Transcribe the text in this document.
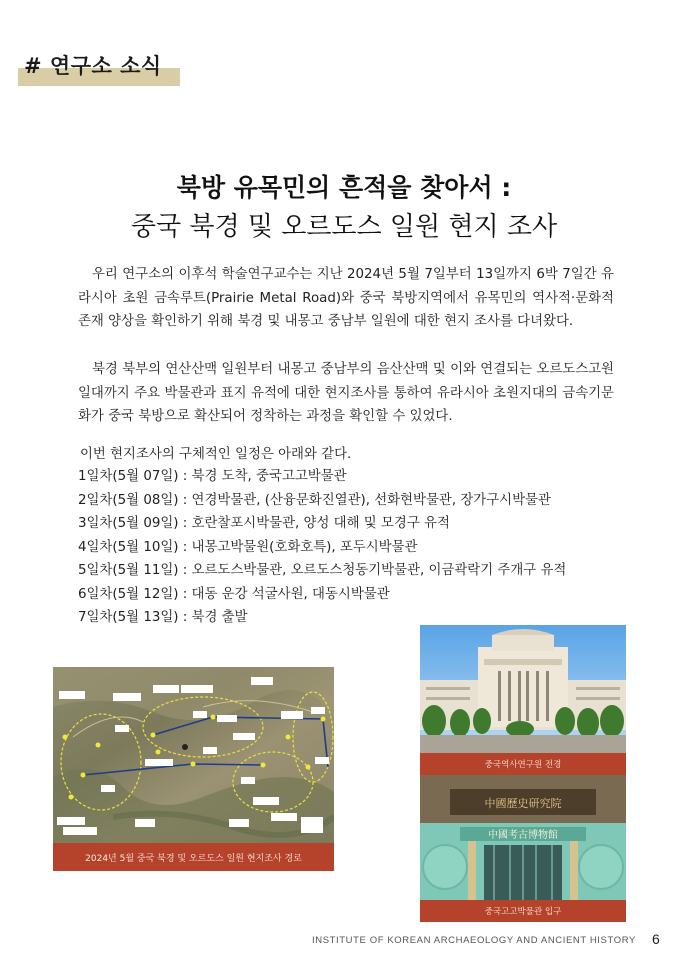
# 연구소 소식
북방 유목민의 흔적을 찾아서 :
중국 북경 및 오르도스 일원 현지 조사
우리 연구소의 이후석 학술연구교수는 지난 2024년 5월 7일부터 13일까지 6박 7일간 유라시아 초원 금속루트(Prairie Metal Road)와 중국 북방지역에서 유목민의 역사적·문화적 존재 양상을 확인하기 위해 북경 및 내몽고 중남부 일원에 대한 현지 조사를 다녀왔다.
북경 북부의 연산산맥 일원부터 내몽고 중남부의 음산산맥 및 이와 연결되는 오르도스고원 일대까지 주요 박물관과 표지 유적에 대한 현지조사를 통하여 유라시아 초원지대의 금속기문화가 중국 북방으로 확산되어 정착하는 과정을 확인할 수 있었다.
이번 현지조사의 구체적인 일정은 아래와 같다.
1일차(5월 07일) : 북경 도착, 중국고고박물관
2일차(5월 08일) : 연경박물관, (산융문화진열관), 선화현박물관, 장가구시박물관
3일차(5월 09일) : 호란찰포시박물관, 양성 대해 및 모경구 유적
4일차(5월 10일) : 내몽고박물원(호화호특), 포두시박물관
5일차(5월 11일) : 오르도스박물관, 오르도스청동기박물관, 이금곽락기 주개구 유적
6일차(5월 12일) : 대동 운강 석굴사원, 대동시박물관
7일차(5월 13일) : 북경 출발
2024년 5월 중국 북경 및 오르도스 일원 현지조사 경로
중국역사연구원 전경
中國歷史研究院
中國考古博物館
중국고고박물관 입구
INSTITUTE OF KOREAN ARCHAEOLOGY AND ANCIENT HISTORY 6
